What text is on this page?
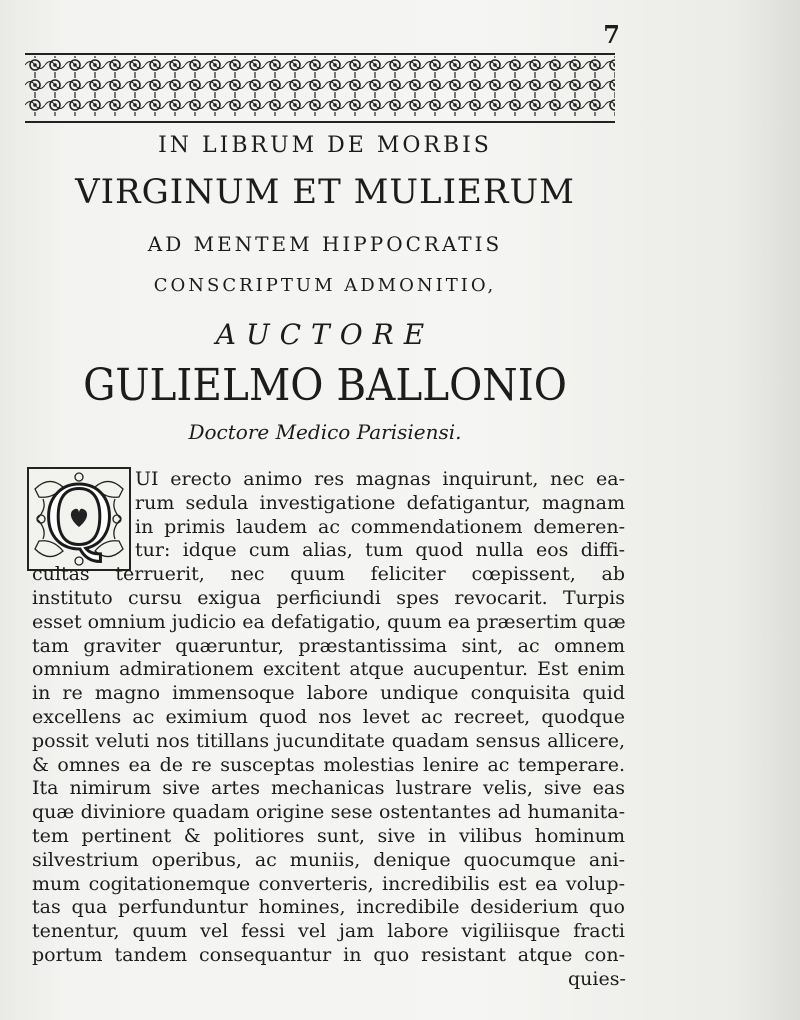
7
IN LIBRUM DE MORBIS
VIRGINUM ET MULIERUM
AD MENTEM HIPPOCRATIS
CONSCRIPTUM ADMONITIO,
AUCTORE
GULIELMO BALLONIO
Doctore Medico Parisiensi.
Q	UI erecto animo res magnas inquirunt, nec ea-
rum sedula investigatione defatigantur, magnam
in primis laudem ac commendationem demeren-
tur: idque cum alias, tum quod nulla eos diffi-
cultas terruerit, nec quum feliciter cœpissent, ab
instituto cursu exigua perficiundi spes revocarit. Turpis
esset omnium judicio ea defatigatio, quum ea præsertim quæ
tam graviter quæruntur, præstantissima sint, ac omnem
omnium admirationem excitent atque aucupentur. Est enim
in re magno immensoque labore undique conquisita quid
excellens ac eximium quod nos levet ac recreet, quodque
possit veluti nos titillans jucunditate quadam sensus allicere,
& omnes ea de re susceptas molestias lenire ac temperare.
Ita nimirum sive artes mechanicas lustrare velis, sive eas
quæ diviniore quadam origine sese ostentantes ad humanita-
tem pertinent & politiores sunt, sive in vilibus hominum
silvestrium operibus, ac muniis, denique quocumque ani-
mum cogitationemque converteris, incredibilis est ea volup-
tas qua perfunduntur homines, incredibile desiderium quo
tenentur, quum vel fessi vel jam labore vigiliisque fracti
portum tandem consequantur in quo resistant atque con-
quies-
